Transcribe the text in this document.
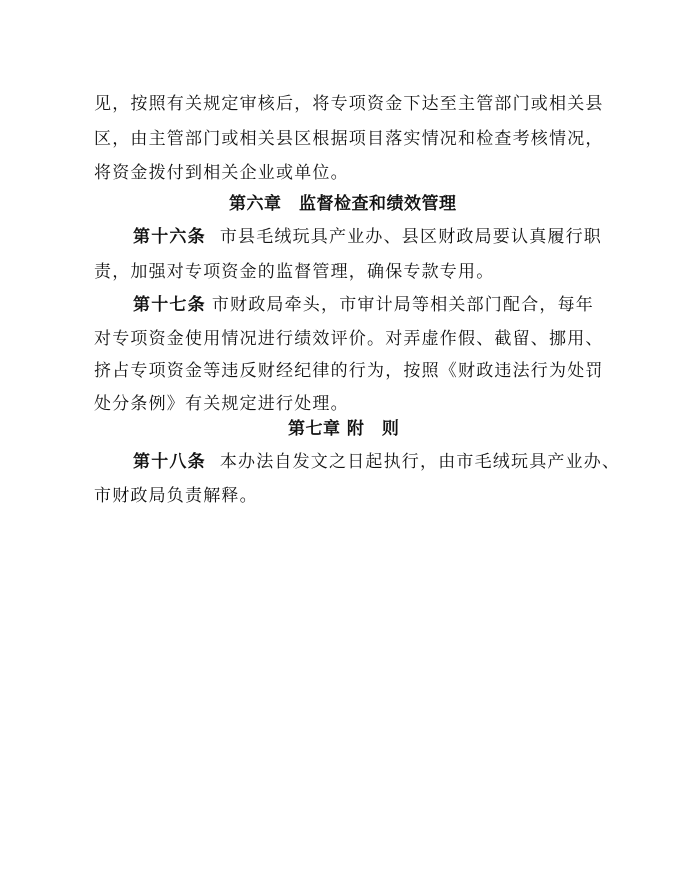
见，按照有关规定审核后，将专项资金下达至主管部门或相关县
区，由主管部门或相关县区根据项目落实情况和检查考核情况，
将资金拨付到相关企业或单位。
第六章　监督检查和绩效管理
第十六条 市县毛绒玩具产业办、县区财政局要认真履行职
责，加强对专项资金的监督管理，确保专款专用。
第十七条 市财政局牵头，市审计局等相关部门配合，每年
对专项资金使用情况进行绩效评价。对弄虚作假、截留、挪用、
挤占专项资金等违反财经纪律的行为，按照《财政违法行为处罚
处分条例》有关规定进行处理。
第七章 附　则
第十八条 本办法自发文之日起执行，由市毛绒玩具产业办、
市财政局负责解释。
